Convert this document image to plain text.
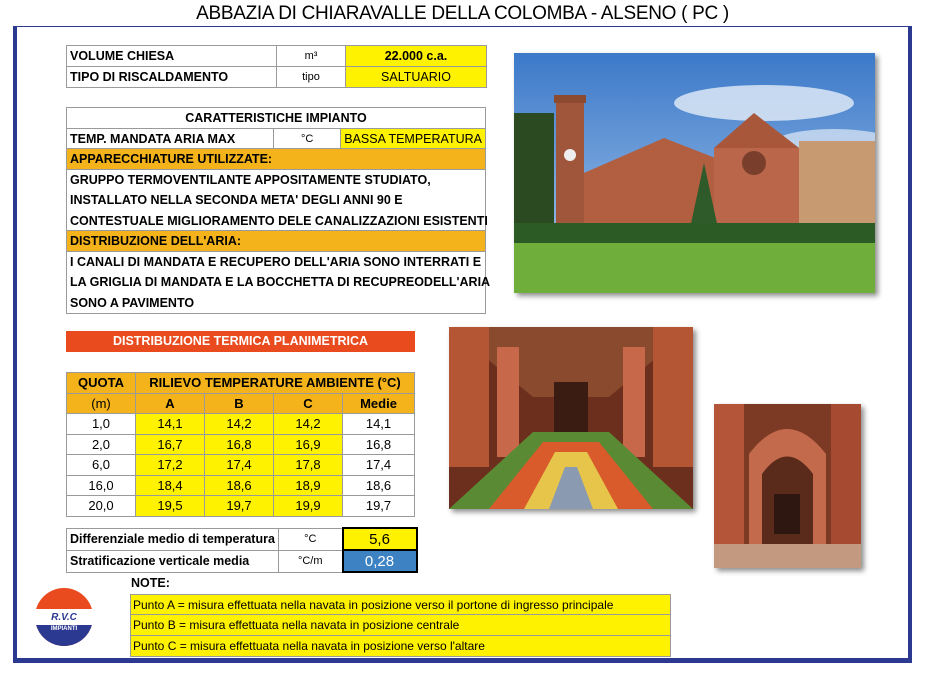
ABBAZIA DI CHIARAVALLE DELLA COLOMBA - ALSENO ( PC )
VOLUME CHIESA	m³	22.000 c.a.
TIPO DI RISCALDAMENTO	tipo	SALTUARIO
CARATTERISTICHE IMPIANTO
TEMP. MANDATA ARIA MAX	°C	BASSA TEMPERATURA
APPARECCHIATURE UTILIZZATE:
GRUPPO TERMOVENTILANTE APPOSITAMENTE STUDIATO,
INSTALLATO NELLA SECONDA META' DEGLI ANNI 90 E
CONTESTUALE MIGLIORAMENTO DELE CANALIZZAZIONI ESISTENTI
DISTRIBUZIONE DELL'ARIA:
I CANALI DI MANDATA E RECUPERO DELL'ARIA SONO INTERRATI E
LA GRIGLIA DI MANDATA E LA BOCCHETTA DI RECUPREODELL'ARIA
SONO A PAVIMENTO
DISTRIBUZIONE TERMICA PLANIMETRICA
QUOTA	RILIEVO TEMPERATURE AMBIENTE (°C)			
(m)	A	B	C	Medie
1,0	14,1	14,2	14,2	14,1
2,0	16,7	16,8	16,9	16,8
6,0	17,2	17,4	17,8	17,4
16,0	18,4	18,6	18,9	18,6
20,0	19,5	19,7	19,9	19,7
Differenziale medio di temperatura	°C	5,6
Stratificazione verticale media	°C/m	0,28
NOTE:
Punto A = misura effettuata nella navata in posizione verso il portone di ingresso principale
Punto B = misura effettuata nella navata in posizione centrale
Punto C = misura effettuata nella navata in posizione verso l'altare
R.V.C
IMPIANTI
